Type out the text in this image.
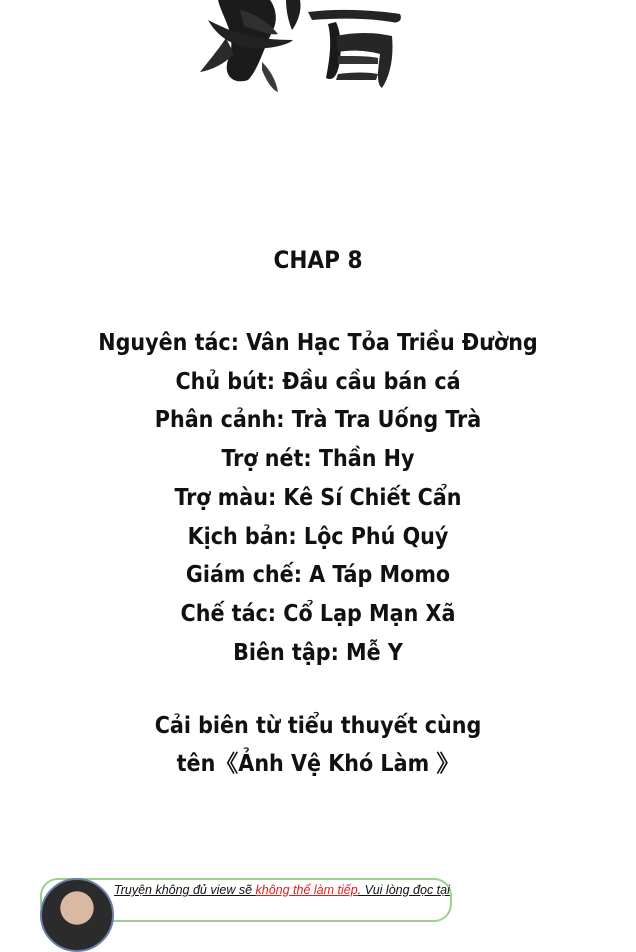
CHAP 8
Nguyên tác: Vân Hạc Tỏa Triều Đường
Chủ bút: Đầu cầu bán cá
Phân cảnh: Trà Tra Uống Trà
Trợ nét: Thần Hy
Trợ màu: Kê Sí Chiết Cẩn
Kịch bản: Lộc Phú Quý
Giám chế: A Táp Momo
Chế tác: Cổ Lạp Mạn Xã
Biên tập: Mễ Y
Cải biên từ tiểu thuyết cùng
tên《Ảnh Vệ Khó Làm 》
Truyện không đủ view sẽ không thể làm tiếp. Vui lòng đọc tại
